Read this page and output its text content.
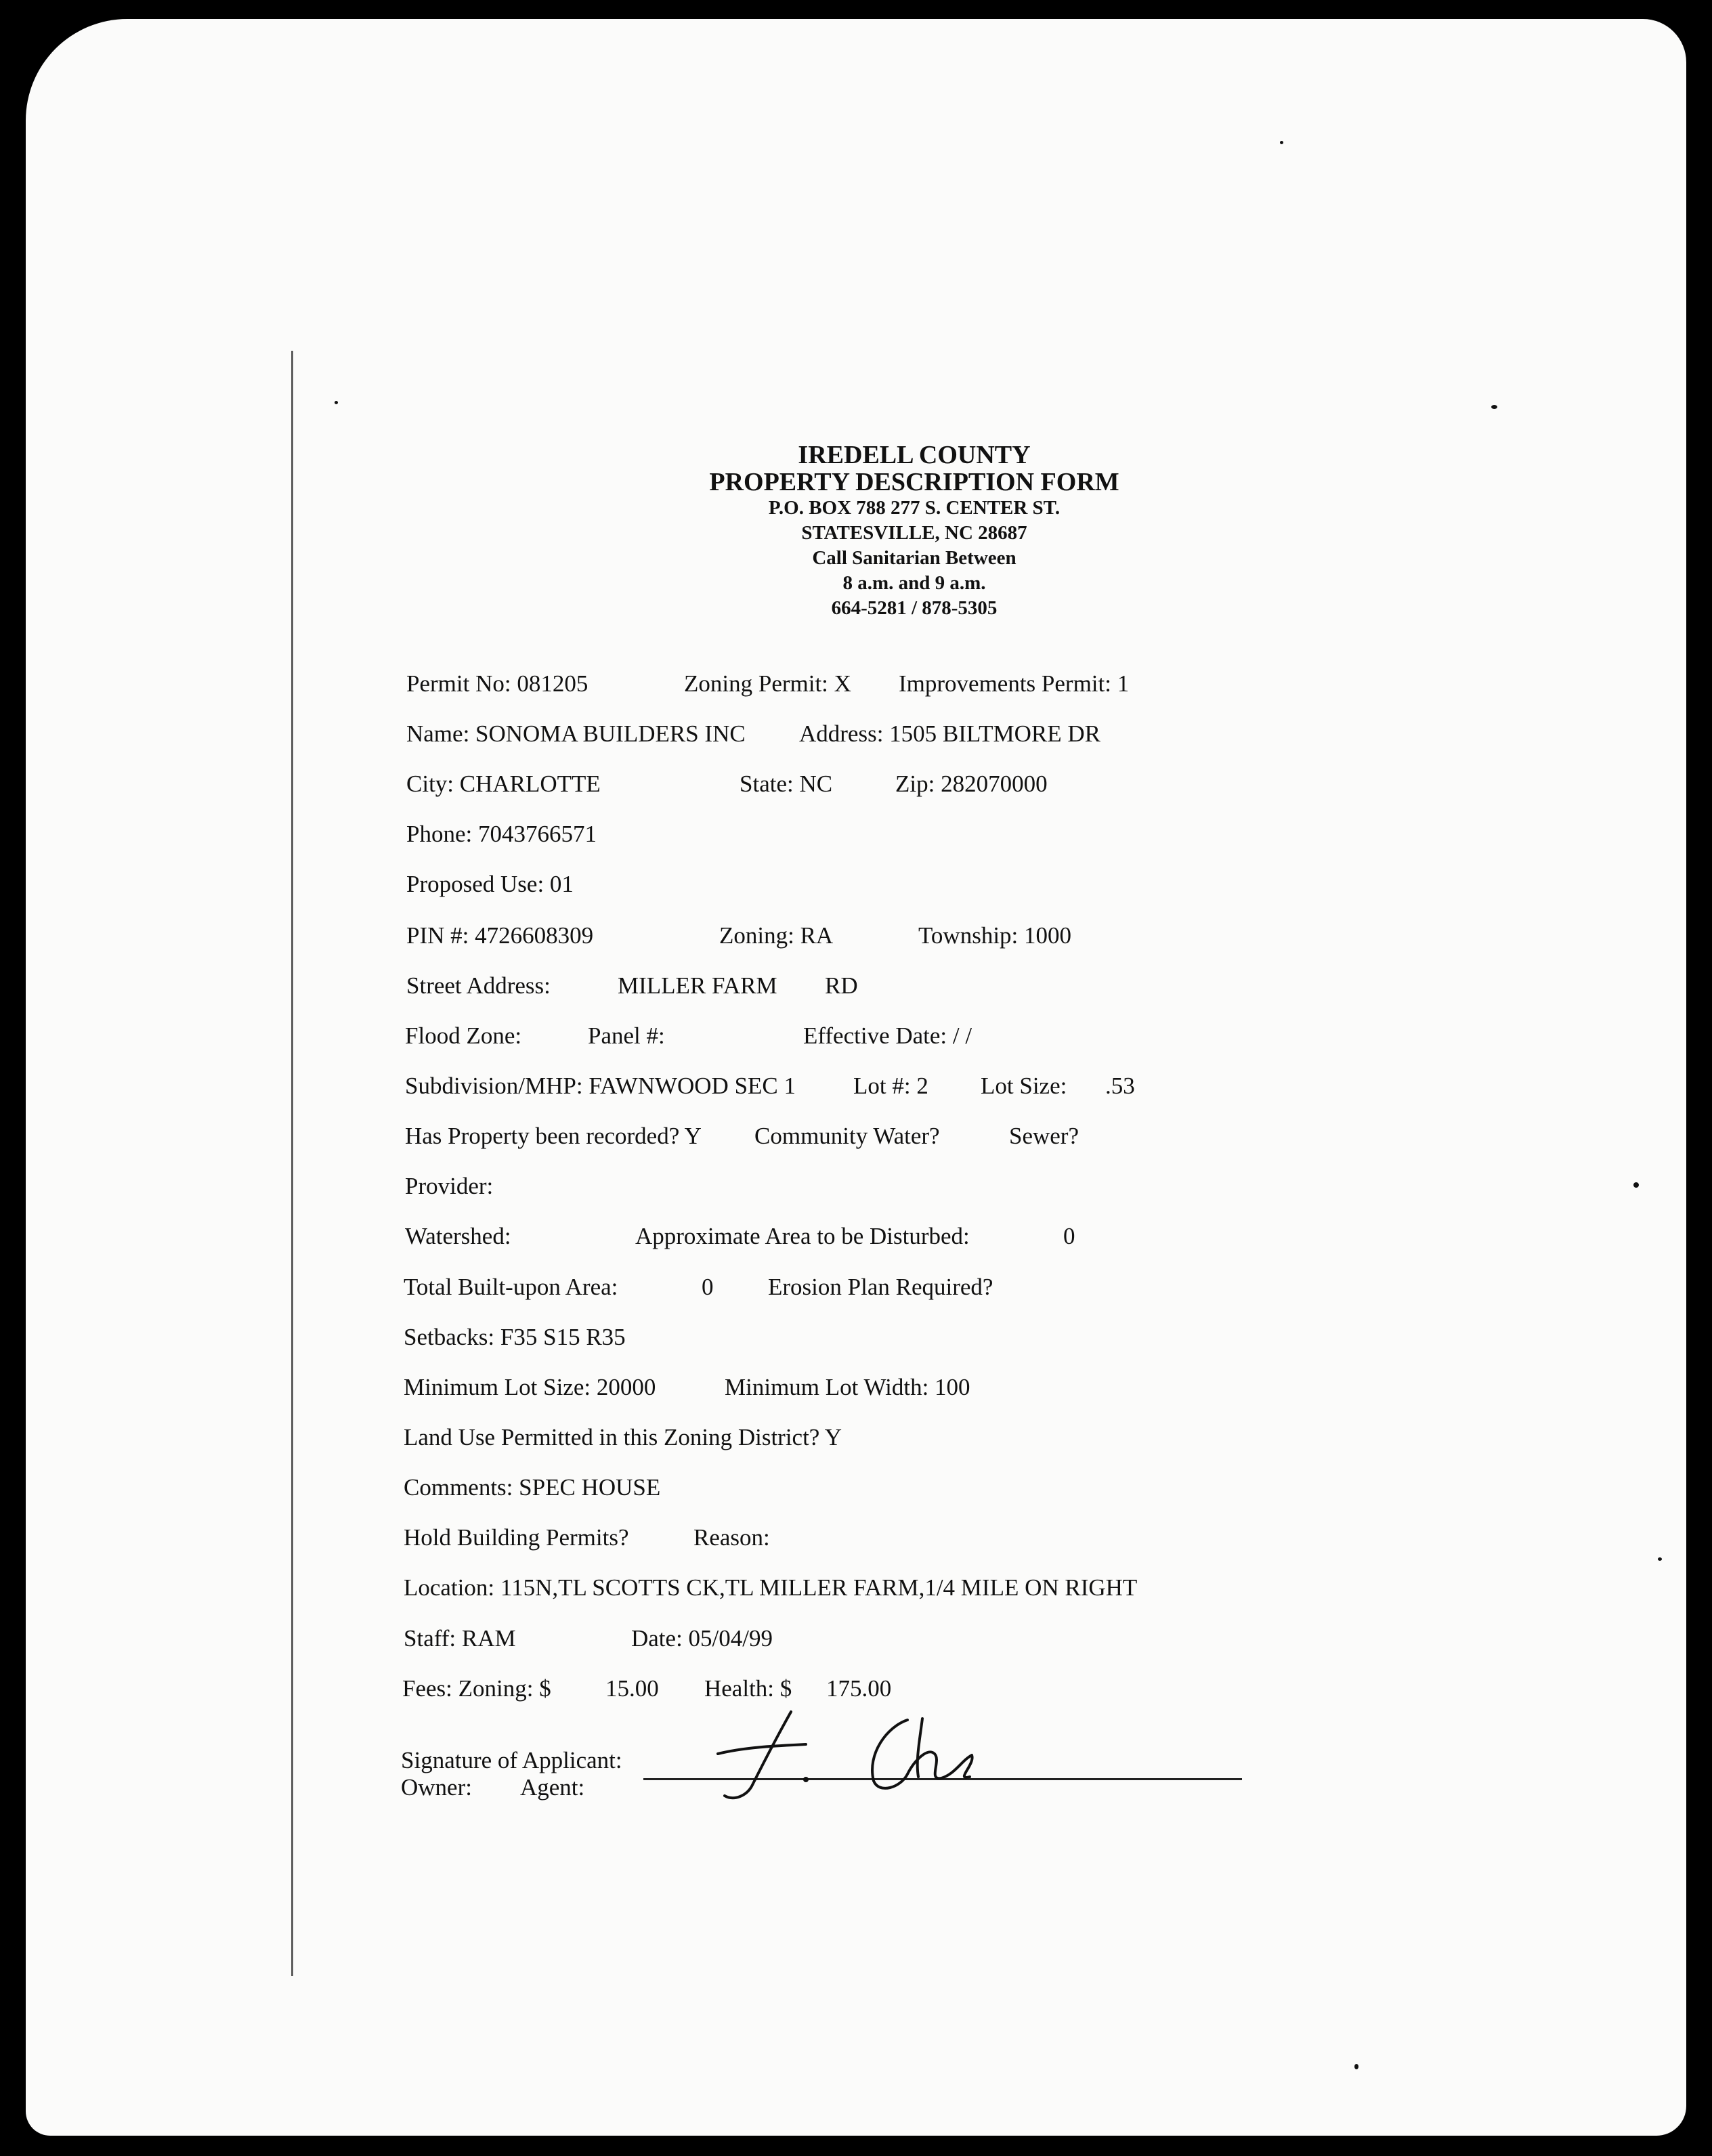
IREDELL COUNTY
PROPERTY DESCRIPTION FORM
P.O. BOX 788 277 S. CENTER ST.
STATESVILLE, NC 28687
Call Sanitarian Between
8 a.m. and 9 a.m.
664-5281 / 878-5305
Permit No: 081205	Zoning Permit: X Improvements Permit: 1
Name: SONOMA BUILDERS INC Address: 1505 BILTMORE DR
City: CHARLOTTE	State: NC	Zip: 282070000
Phone: 7043766571
Proposed Use: 01
PIN #: 4726608309	Zoning: RA	Township: 1000
Street Address:	MILLER FARM RD
Flood Zone:	Panel #:	Effective Date: / /
Subdivision/MHP: FAWNWOOD SEC 1 Lot #: 2 Lot Size: .53
Has Property been recorded? Y Community Water?	Sewer?
Provider:
Watershed:	Approximate Area to be Disturbed:	0
Total Built-upon Area:	0 Erosion Plan Required?
Setbacks: F35 S15 R35
Minimum Lot Size: 20000	Minimum Lot Width: 100
Land Use Permitted in this Zoning District? Y
Comments: SPEC HOUSE
Hold Building Permits?	Reason:
Location: 115N,TL SCOTTS CK,TL MILLER FARM,1/4 MILE ON RIGHT
Staff: RAM	Date: 05/04/99
Fees: Zoning: $ 15.00 Health: $ 175.00
Signature of Applicant:
Owner: Agent:
